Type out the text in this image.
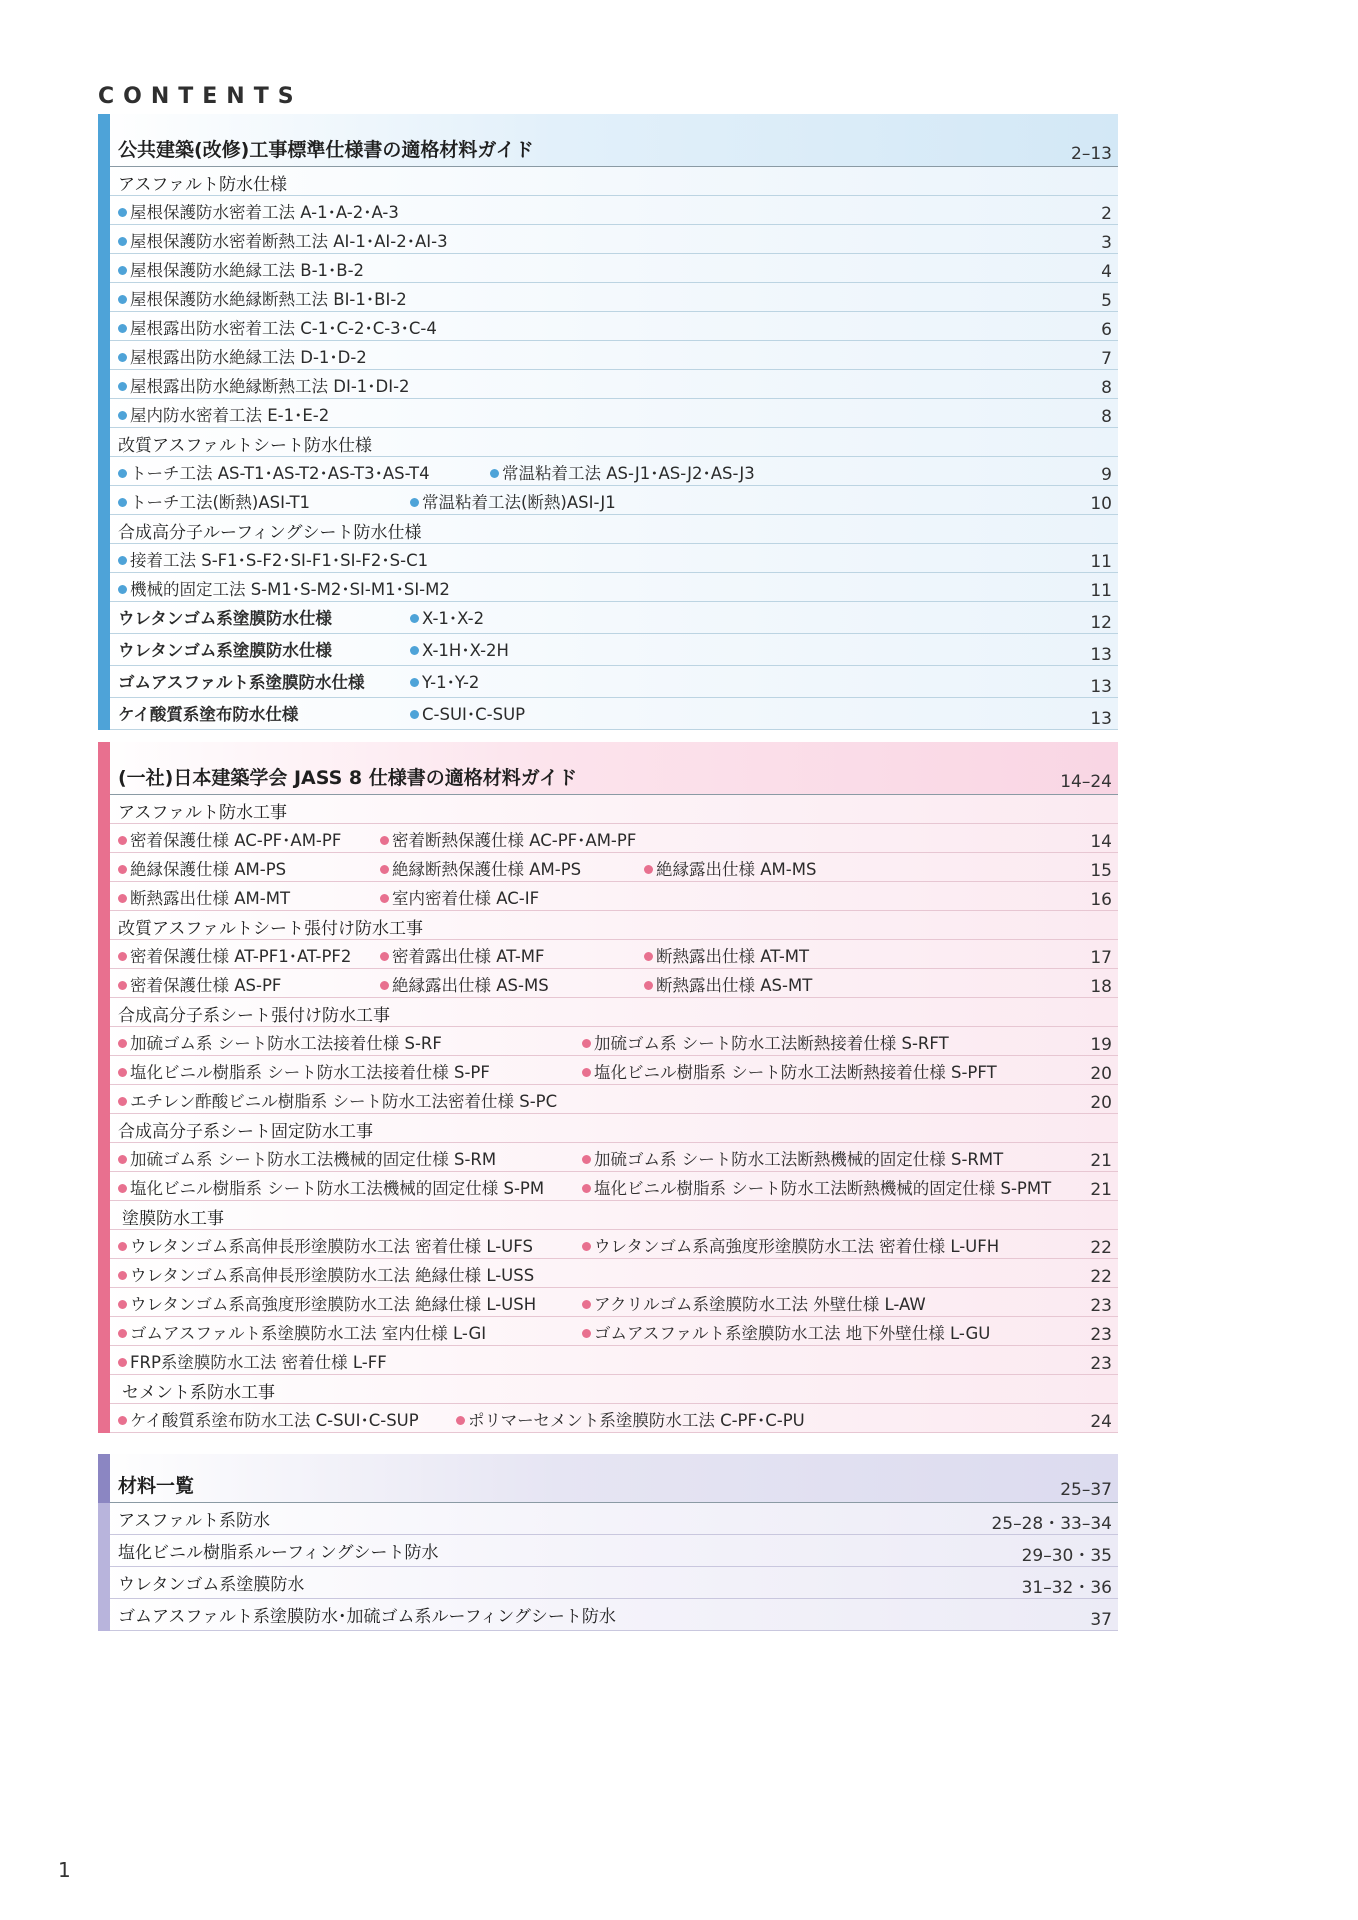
CONTENTS
公共建築(改修)工事標準仕様書の適格材料ガイド	2–13
アスファルト防水仕様
屋根保護防水密着工法 A-1･A-2･A-3	2
屋根保護防水密着断熱工法 AI-1･AI-2･AI-3	3
屋根保護防水絶縁工法 B-1･B-2	4
屋根保護防水絶縁断熱工法 BI-1･BI-2	5
屋根露出防水密着工法 C-1･C-2･C-3･C-4	6
屋根露出防水絶縁工法 D-1･D-2	7
屋根露出防水絶縁断熱工法 DI-1･DI-2	8
屋内防水密着工法 E-1･E-2	8
改質アスファルトシート防水仕様
トーチ工法 AS-T1･AS-T2･AS-T3･AS-T4	常温粘着工法 AS-J1･AS-J2･AS-J3	9
トーチ工法(断熱)ASI-T1	常温粘着工法(断熱)ASI-J1	10
合成高分子ルーフィングシート防水仕様
接着工法 S-F1･S-F2･SI-F1･SI-F2･S-C1	11
機械的固定工法 S-M1･S-M2･SI-M1･SI-M2	11
ウレタンゴム系塗膜防水仕様	X-1･X-2	12
ウレタンゴム系塗膜防水仕様	X-1H･X-2H	13
ゴムアスファルト系塗膜防水仕様	Y-1･Y-2	13
ケイ酸質系塗布防水仕様	C-SUI･C-SUP	13
(一社)日本建築学会 JASS 8 仕様書の適格材料ガイド	14–24
アスファルト防水工事
密着保護仕様 AC-PF･AM-PF	密着断熱保護仕様 AC-PF･AM-PF	14
絶縁保護仕様 AM-PS	絶縁断熱保護仕様 AM-PS	絶縁露出仕様 AM-MS	15
断熱露出仕様 AM-MT	室内密着仕様 AC-IF	16
改質アスファルトシート張付け防水工事
密着保護仕様 AT-PF1･AT-PF2	密着露出仕様 AT-MF	断熱露出仕様 AT-MT	17
密着保護仕様 AS-PF	絶縁露出仕様 AS-MS	断熱露出仕様 AS-MT	18
合成高分子系シート張付け防水工事
加硫ゴム系 シート防水工法接着仕様 S-RF	加硫ゴム系 シート防水工法断熱接着仕様 S-RFT	19
塩化ビニル樹脂系 シート防水工法接着仕様 S-PF	塩化ビニル樹脂系 シート防水工法断熱接着仕様 S-PFT	20
エチレン酢酸ビニル樹脂系 シート防水工法密着仕様 S-PC	20
合成高分子系シート固定防水工事
加硫ゴム系 シート防水工法機械的固定仕様 S-RM	加硫ゴム系 シート防水工法断熱機械的固定仕様 S-RMT	21
塩化ビニル樹脂系 シート防水工法機械的固定仕様 S-PM	塩化ビニル樹脂系 シート防水工法断熱機械的固定仕様 S-PMT 21
塗膜防水工事
ウレタンゴム系高伸長形塗膜防水工法 密着仕様 L-UFS	ウレタンゴム系高強度形塗膜防水工法 密着仕様 L-UFH	22
ウレタンゴム系高伸長形塗膜防水工法 絶縁仕様 L-USS	22
ウレタンゴム系高強度形塗膜防水工法 絶縁仕様 L-USH	アクリルゴム系塗膜防水工法 外壁仕様 L-AW	23
ゴムアスファルト系塗膜防水工法 室内仕様 L-GI	ゴムアスファルト系塗膜防水工法 地下外壁仕様 L-GU	23
FRP系塗膜防水工法 密着仕様 L-FF	23
セメント系防水工事
ケイ酸質系塗布防水工法 C-SUI･C-SUP	ポリマーセメント系塗膜防水工法 C-PF･C-PU	24
材料一覧	25–37
アスファルト系防水	25–28・33–34
塩化ビニル樹脂系ルーフィングシート防水	29–30・35
ウレタンゴム系塗膜防水	31–32・36
ゴムアスファルト系塗膜防水･加硫ゴム系ルーフィングシート防水	37
1
